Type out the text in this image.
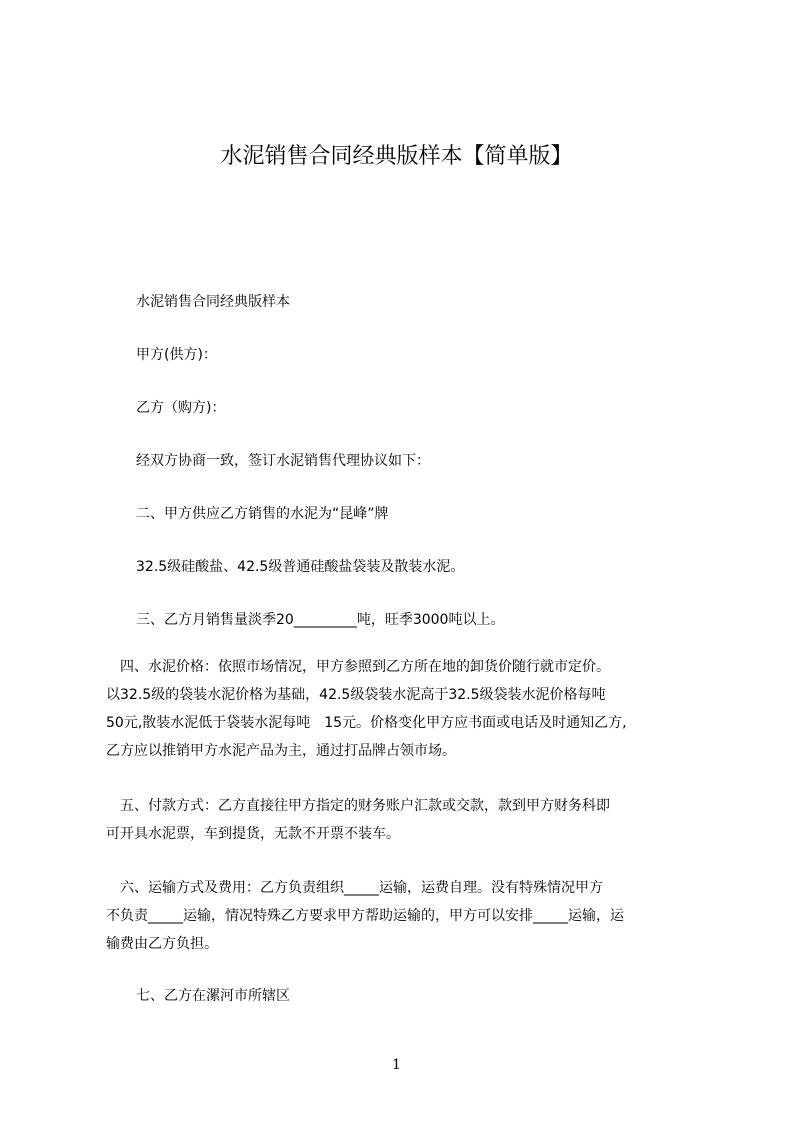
水泥销售合同经典版样本【简单版】
水泥销售合同经典版样本
甲方(供方)：
乙方（购方)：
经双方协商一致，签订水泥销售代理协议如下：
二、甲方供应乙方销售的水泥为“昆峰”牌
32.5级硅酸盐、42.5级普通硅酸盐袋装及散装水泥。
三、乙方月销售量淡季20_________吨，旺季3000吨以上。
　四、水泥价格：依照市场情况，甲方参照到乙方所在地的卸货价随行就市定价。
以32.5级的袋装水泥价格为基础，42.5级袋装水泥高于32.5级袋装水泥价格每吨
50元,散装水泥低于袋装水泥每吨　15元。价格变化甲方应书面或电话及时通知乙方,
乙方应以推销甲方水泥产品为主，通过打品牌占领市场。
　五、付款方式：乙方直接往甲方指定的财务账户汇款或交款，款到甲方财务科即
可开具水泥票，车到提货，无款不开票不装车。
　六、运输方式及费用：乙方负责组织_____运输，运费自理。没有特殊情况甲方
不负责_____运输，情况特殊乙方要求甲方帮助运输的，甲方可以安排_____运输，运
输费由乙方负担。
七、乙方在漯河市所辖区
1
